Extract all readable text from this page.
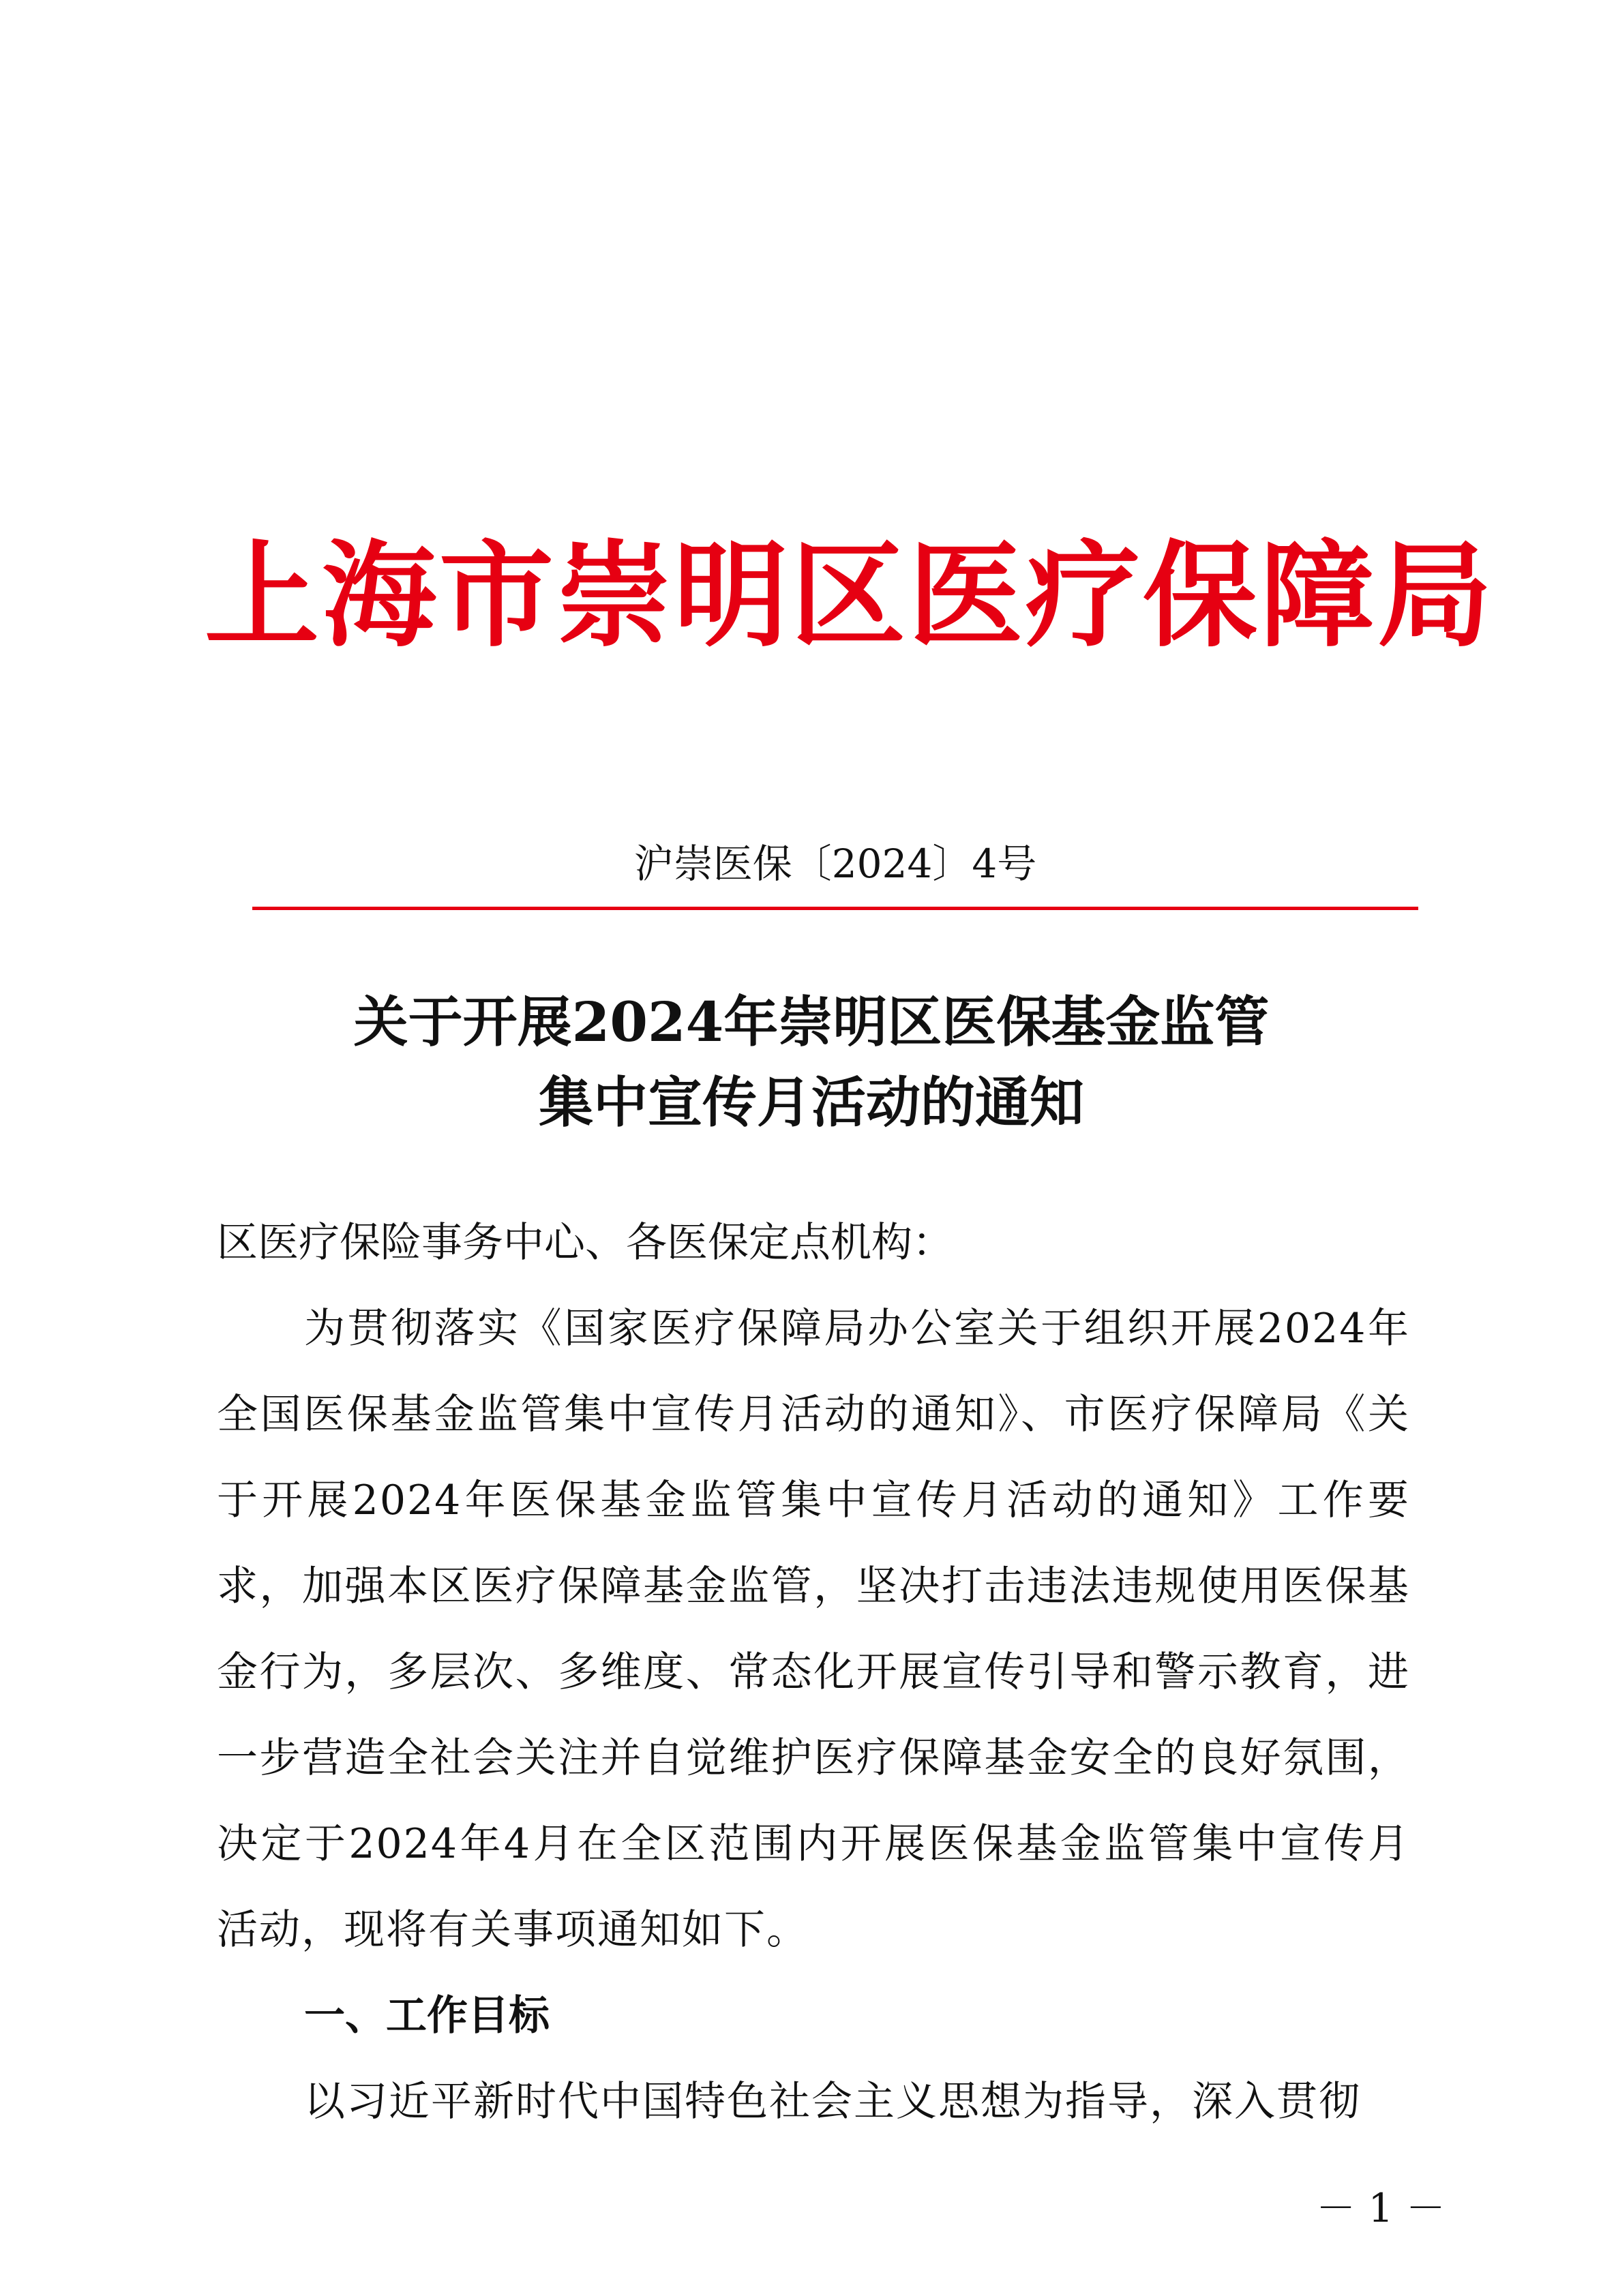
上海市崇明区医疗保障局
沪崇医保〔2024〕4号
关于开展2024年崇明区医保基金监管
集中宣传月活动的通知

区医疗保险事务中心、各医保定点机构：

为贯彻落实《国家医疗保障局办公室关于组织开展2024年全国医保基金监管集中宣传月活动的通知》、市医疗保障局《关于开展2024年医保基金监管集中宣传月活动的通知》工作要求，加强本区医疗保障基金监管，坚决打击违法违规使用医保基金行为，多层次、多维度、常态化开展宣传引导和警示教育，进一步营造全社会关注并自觉维护医疗保障基金安全的良好氛围，决定于2024年4月在全区范围内开展医保基金监管集中宣传月活动，现将有关事项通知如下。

一、工作目标

以习近平新时代中国特色社会主义思想为指导，深入贯彻

－ 1 －
